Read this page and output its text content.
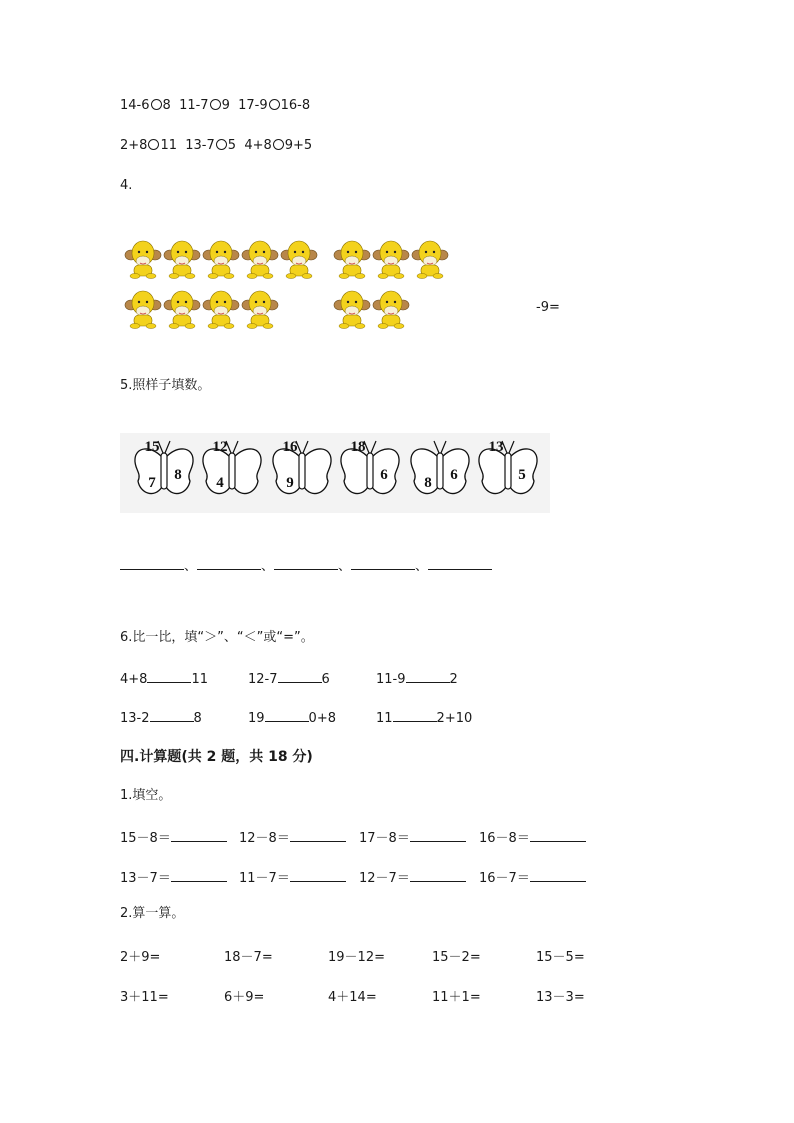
14-6 8 11-7 9 17-9 16-8
2+8 11 13-7 5 4+8 9+5
4.
-9=
5.照样子填数。
15
7 8
12
4
16
9
18
6 8 6
13
5
、	、	、	、
6.比一比，填“＞”、“＜”或“=”。
4+8	11	12-7	6	11-9	2
13-2	8	19	0+8	11	2+10
四.计算题(共 2 题，共 18 分)
1.填空。
15－8＝	12－8＝	17－8＝	16－8＝
13－7＝	11－7＝	12－7＝	16－7＝
2.算一算。
2＋9=	18－7=	19－12=	15－2=	15－5=
3＋11=	6＋9=	4＋14=	11＋1=	13－3=
